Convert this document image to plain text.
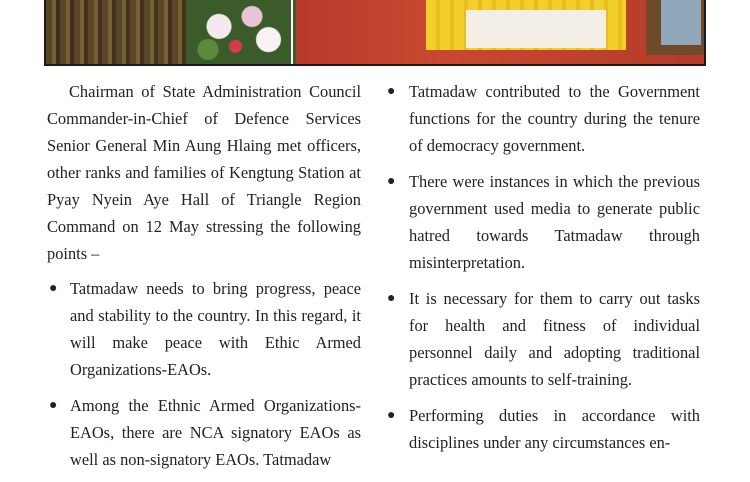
Chairman of State Administration Council Commander-in-Chief of Defence Services Senior General Min Aung Hlaing met officers, other ranks and families of Kengtung Station at Pyay Nyein Aye Hall of Triangle Region Command on 12 May stressing the following points –

● Tatmadaw needs to bring progress, peace and stability to the country. In this regard, it will make peace with Ethic Armed Organizations-EAOs.
● Among the Ethnic Armed Organizations-EAOs, there are NCA signatory EAOs as well as non-signatory EAOs. Tatmadaw
● Tatmadaw contributed to the Government functions for the country during the tenure of democracy government.
● There were instances in which the previous government used media to generate public hatred towards Tatmadaw through misinterpretation.
● It is necessary for them to carry out tasks for health and fitness of individual personnel daily and adopting traditional practices amounts to self-training.
● Performing duties in accordance with disciplines under any circumstances en-
